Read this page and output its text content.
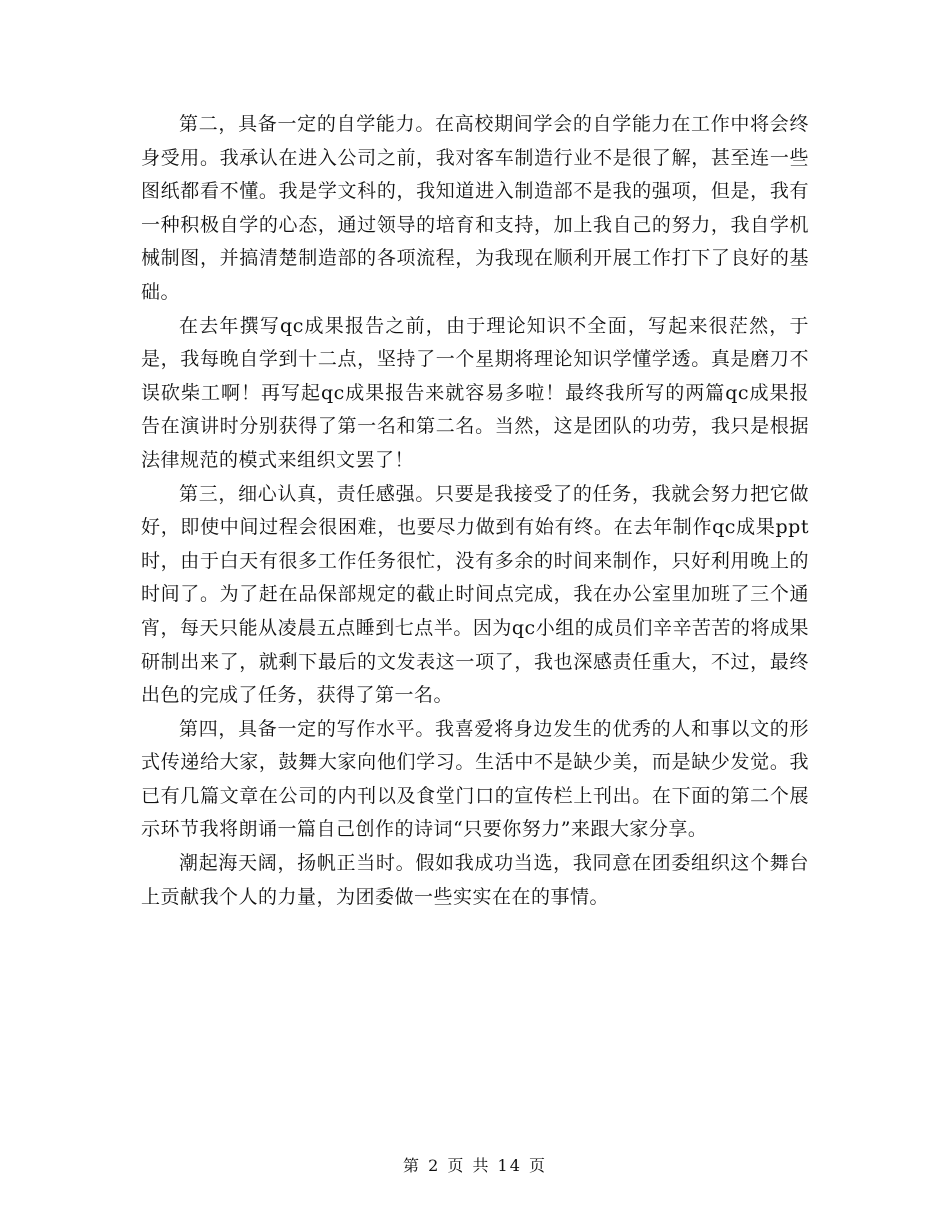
第二，具备一定的自学能力。在高校期间学会的自学能力在工作中将会终身受用。我承认在进入公司之前，我对客车制造行业不是很了解，甚至连一些图纸都看不懂。我是学文科的，我知道进入制造部不是我的强项，但是，我有一种积极自学的心态，通过领导的培育和支持，加上我自己的努力，我自学机械制图，并搞清楚制造部的各项流程，为我现在顺利开展工作打下了良好的基础。

在去年撰写qc成果报告之前，由于理论知识不全面，写起来很茫然，于是，我每晚自学到十二点，坚持了一个星期将理论知识学懂学透。真是磨刀不误砍柴工啊！再写起qc成果报告来就容易多啦！最终我所写的两篇qc成果报告在演讲时分别获得了第一名和第二名。当然，这是团队的功劳，我只是根据法律规范的模式来组织文罢了！

第三，细心认真，责任感强。只要是我接受了的任务，我就会努力把它做好，即使中间过程会很困难，也要尽力做到有始有终。在去年制作qc成果ppt时，由于白天有很多工作任务很忙，没有多余的时间来制作，只好利用晚上的时间了。为了赶在品保部规定的截止时间点完成，我在办公室里加班了三个通宵，每天只能从凌晨五点睡到七点半。因为qc小组的成员们辛辛苦苦的将成果研制出来了，就剩下最后的文发表这一项了，我也深感责任重大，不过，最终出色的完成了任务，获得了第一名。

第四，具备一定的写作水平。我喜爱将身边发生的优秀的人和事以文的形式传递给大家，鼓舞大家向他们学习。生活中不是缺少美，而是缺少发觉。我已有几篇文章在公司的内刊以及食堂门口的宣传栏上刊出。在下面的第二个展示环节我将朗诵一篇自己创作的诗词“只要你努力”来跟大家分享。

潮起海天阔，扬帆正当时。假如我成功当选，我同意在团委组织这个舞台上贡献我个人的力量，为团委做一些实实在在的事情。

第 2 页 共 14 页
